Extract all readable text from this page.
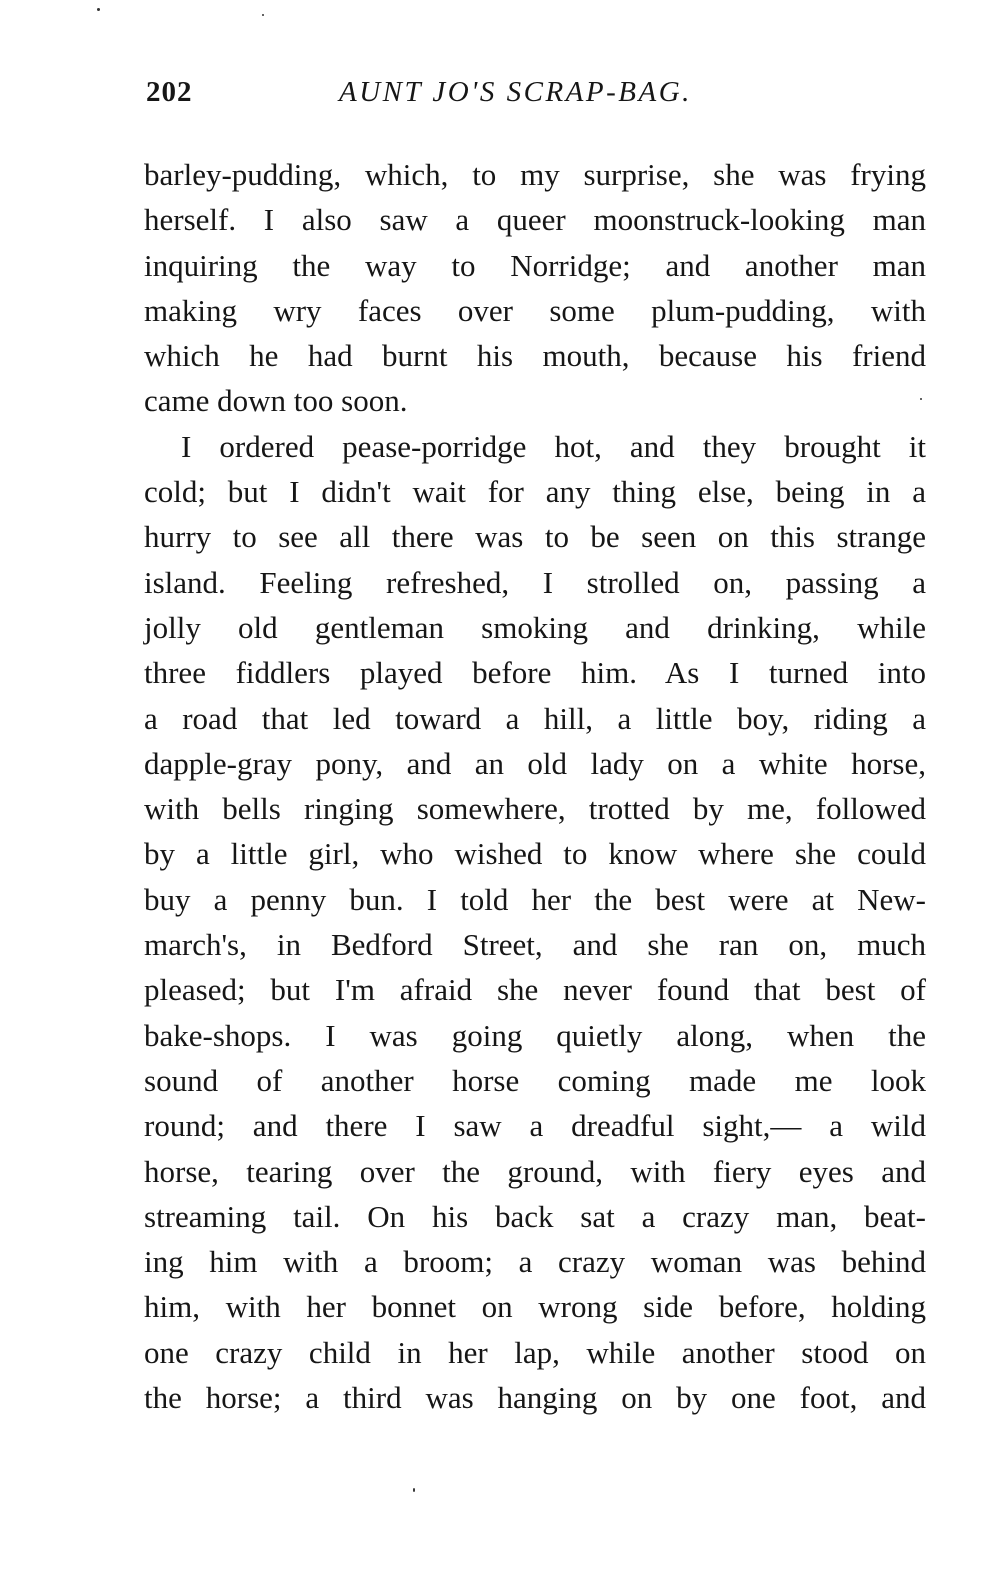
202	AUNT JO'S SCRAP-BAG.
barley-pudding, which, to my surprise, she was frying
herself. I also saw a queer moonstruck-looking man
inquiring the way to Norridge; and another man
making wry faces over some plum-pudding, with
which he had burnt his mouth, because his friend
came down too soon.
I ordered pease-porridge hot, and they brought it
cold; but I didn't wait for any thing else, being in a
hurry to see all there was to be seen on this strange
island. Feeling refreshed, I strolled on, passing a
jolly old gentleman smoking and drinking, while
three fiddlers played before him. As I turned into
a road that led toward a hill, a little boy, riding a
dapple-gray pony, and an old lady on a white horse,
with bells ringing somewhere, trotted by me, followed
by a little girl, who wished to know where she could
buy a penny bun. I told her the best were at New-
march's, in Bedford Street, and she ran on, much
pleased; but I'm afraid she never found that best of
bake-shops. I was going quietly along, when the
sound of another horse coming made me look
round; and there I saw a dreadful sight,— a wild
horse, tearing over the ground, with fiery eyes and
streaming tail. On his back sat a crazy man, beat-
ing him with a broom; a crazy woman was behind
him, with her bonnet on wrong side before, holding
one crazy child in her lap, while another stood on
the horse; a third was hanging on by one foot, and
